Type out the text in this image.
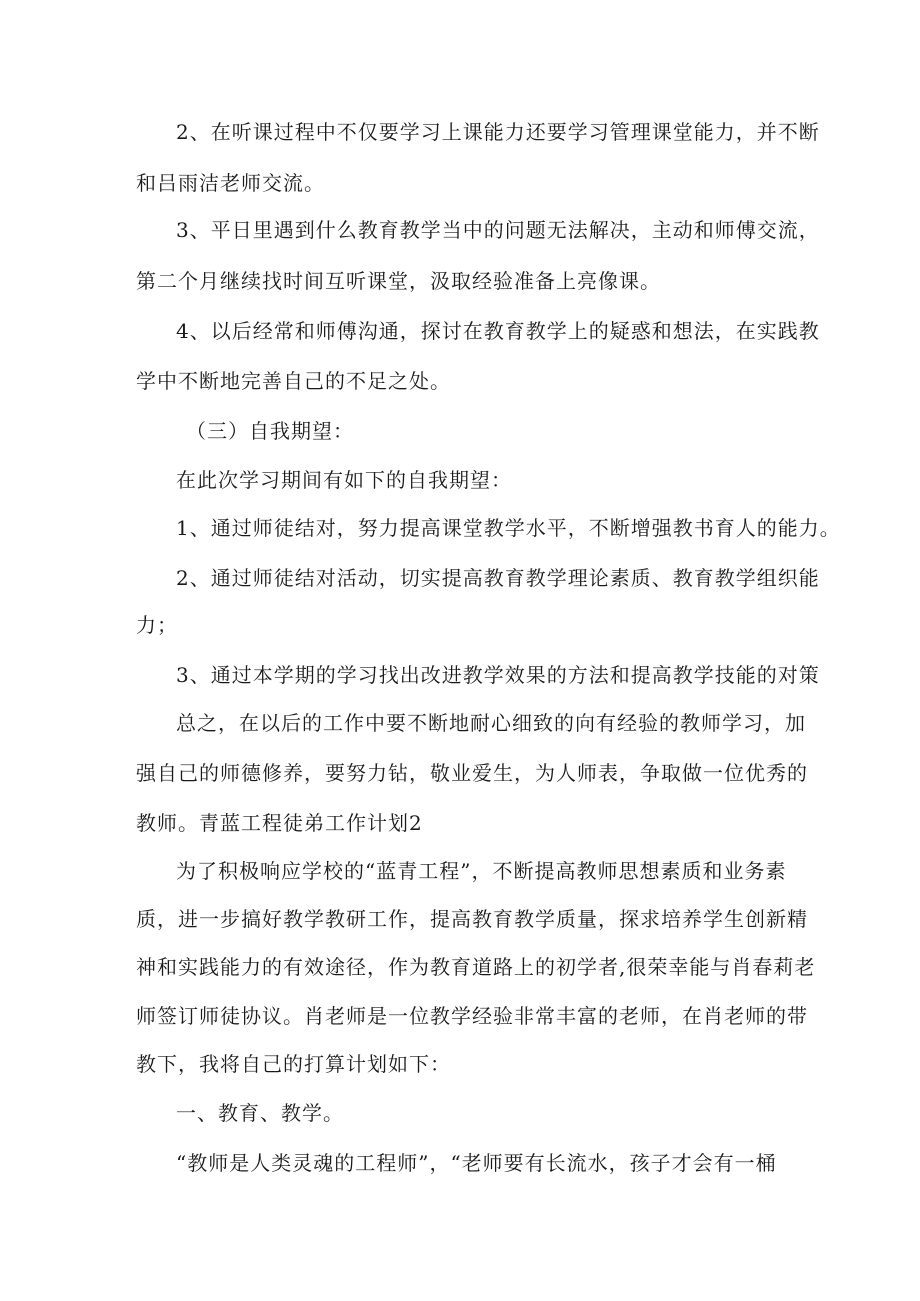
2、在听课过程中不仅要学习上课能力还要学习管理课堂能力，并不断
和吕雨洁老师交流。
3、平日里遇到什么教育教学当中的问题无法解决，主动和师傅交流，
第二个月继续找时间互听课堂，汲取经验准备上亮像课。
4、以后经常和师傅沟通，探讨在教育教学上的疑惑和想法，在实践教
学中不断地完善自己的不足之处。
（三）自我期望：
在此次学习期间有如下的自我期望：
1、通过师徒结对，努力提高课堂教学水平，不断增强教书育人的能力。
2、通过师徒结对活动，切实提高教育教学理论素质、教育教学组织能
力；
3、通过本学期的学习找出改进教学效果的方法和提高教学技能的对策
总之，在以后的工作中要不断地耐心细致的向有经验的教师学习，加
强自己的师德修养，要努力钻，敬业爱生，为人师表，争取做一位优秀的
教师。青蓝工程徒弟工作计划2
为了积极响应学校的“蓝青工程”，不断提高教师思想素质和业务素
质，进一步搞好教学教研工作，提高教育教学质量，探求培养学生创新精
神和实践能力的有效途径，作为教育道路上的初学者,很荣幸能与肖春莉老
师签订师徒协议。肖老师是一位教学经验非常丰富的老师，在肖老师的带
教下，我将自己的打算计划如下：
一、教育、教学。
“教师是人类灵魂的工程师”，“老师要有长流水，孩子才会有一桶
